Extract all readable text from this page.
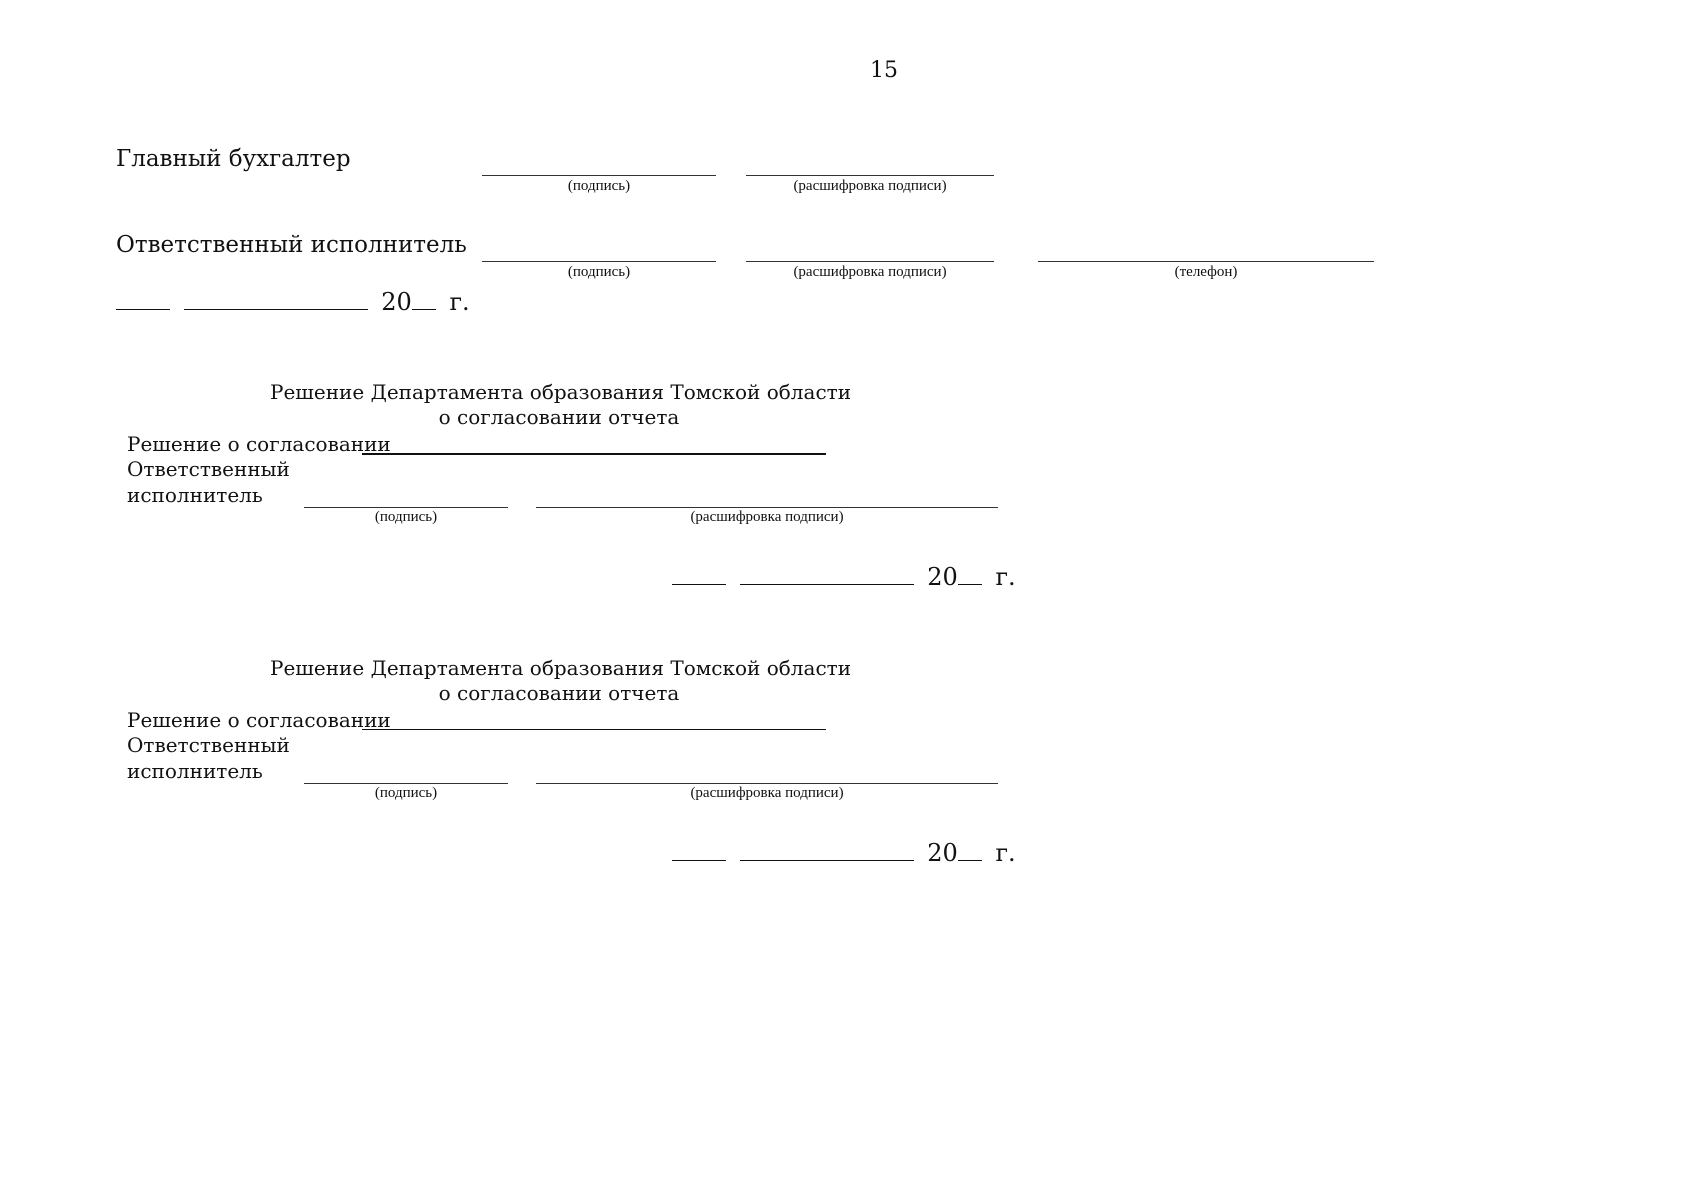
15
Главный бухгалтер
(подпись)	(расшифровка подписи)
Ответственный исполнитель
(подпись)	(расшифровка подписи)	(телефон)
20 г.
Решение Департамента образования Томской области
о согласовании отчета
Решение о согласовании
Ответственный
исполнитель
(подпись)	(расшифровка подписи)
20 г.
Решение Департамента образования Томской области
о согласовании отчета
Решение о согласовании
Ответственный
исполнитель
(подпись)	(расшифровка подписи)
20 г.
